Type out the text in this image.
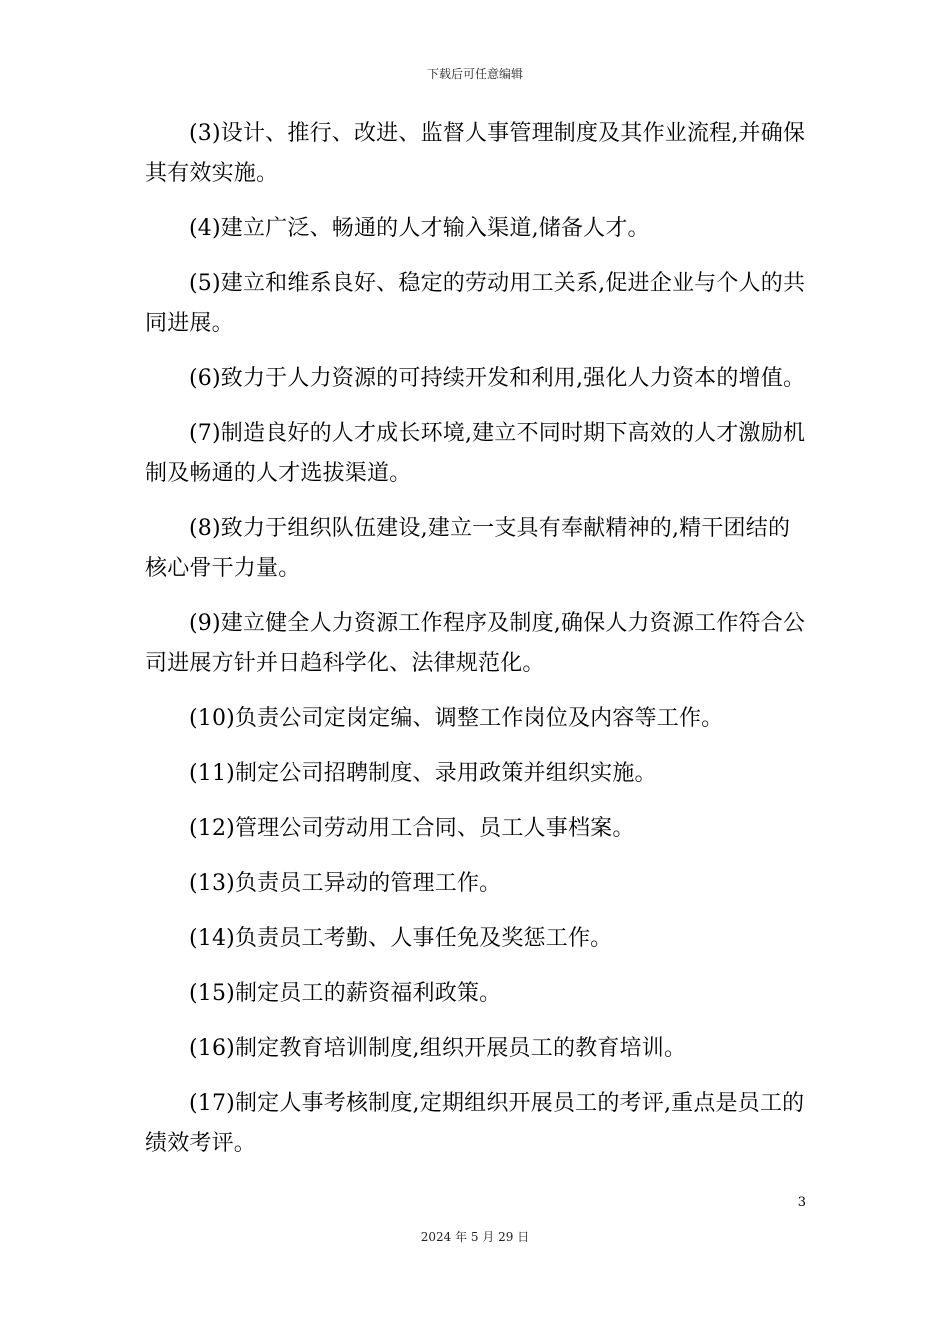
下载后可任意编辑

(3)设计、推行、改进、监督人事管理制度及其作业流程,并确保其有效实施。

(4)建立广泛、畅通的人才输入渠道,储备人才。

(5)建立和维系良好、稳定的劳动用工关系,促进企业与个人的共同进展。

(6)致力于人力资源的可持续开发和利用,强化人力资本的增值。

(7)制造良好的人才成长环境,建立不同时期下高效的人才激励机制及畅通的人才选拔渠道。

(8)致力于组织队伍建设,建立一支具有奉献精神的,精干团结的核心骨干力量。

(9)建立健全人力资源工作程序及制度,确保人力资源工作符合公司进展方针并日趋科学化、法律规范化。

(10)负责公司定岗定编、调整工作岗位及内容等工作。

(11)制定公司招聘制度、录用政策并组织实施。

(12)管理公司劳动用工合同、员工人事档案。

(13)负责员工异动的管理工作。

(14)负责员工考勤、人事任免及奖惩工作。

(15)制定员工的薪资福利政策。

(16)制定教育培训制度,组织开展员工的教育培训。

(17)制定人事考核制度,定期组织开展员工的考评,重点是员工的绩效考评。

3
2024 年 5 月 29 日
